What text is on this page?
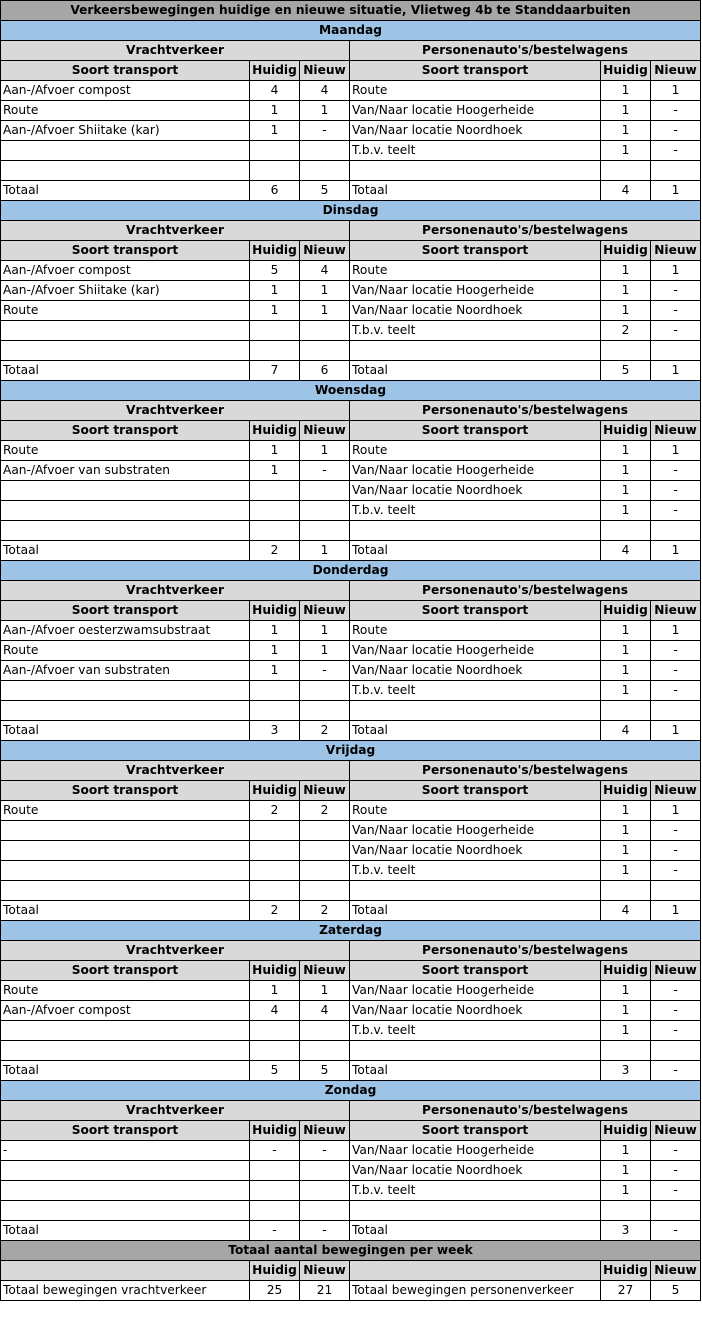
Verkeersbewegingen huidige en nieuwe situatie, Vlietweg 4b te Standdaarbuiten					
Maandag					
Vrachtverkeer			Personenauto's/bestelwagens		
Soort transport	Huidig	Nieuw	Soort transport	Huidig	Nieuw
Aan-/Afvoer compost	4	4	Route	1	1
Route	1	1	Van/Naar locatie Hoogerheide	1	-
Aan-/Afvoer Shiitake (kar)	1	-	Van/Naar locatie Noordhoek	1	-
			T.b.v. teelt	1	-

Totaal	6	5	Totaal	4	1
Dinsdag					
Vrachtverkeer			Personenauto's/bestelwagens		
Soort transport	Huidig	Nieuw	Soort transport	Huidig	Nieuw
Aan-/Afvoer compost	5	4	Route	1	1
Aan-/Afvoer Shiitake (kar)	1	1	Van/Naar locatie Hoogerheide	1	-
Route	1	1	Van/Naar locatie Noordhoek	1	-
			T.b.v. teelt	2	-

Totaal	7	6	Totaal	5	1
Woensdag					
Vrachtverkeer			Personenauto's/bestelwagens		
Soort transport	Huidig	Nieuw	Soort transport	Huidig	Nieuw
Route	1	1	Route	1	1
Aan-/Afvoer van substraten	1	-	Van/Naar locatie Hoogerheide	1	-
			Van/Naar locatie Noordhoek	1	-
			T.b.v. teelt	1	-

Totaal	2	1	Totaal	4	1
Donderdag					
Vrachtverkeer			Personenauto's/bestelwagens		
Soort transport	Huidig	Nieuw	Soort transport	Huidig	Nieuw
Aan-/Afvoer oesterzwamsubstraat	1	1	Route	1	1
Route	1	1	Van/Naar locatie Hoogerheide	1	-
Aan-/Afvoer van substraten	1	-	Van/Naar locatie Noordhoek	1	-
			T.b.v. teelt	1	-

Totaal	3	2	Totaal	4	1
Vrijdag					
Vrachtverkeer			Personenauto's/bestelwagens		
Soort transport	Huidig	Nieuw	Soort transport	Huidig	Nieuw
Route	2	2	Route	1	1
			Van/Naar locatie Hoogerheide	1	-
			Van/Naar locatie Noordhoek	1	-
			T.b.v. teelt	1	-

Totaal	2	2	Totaal	4	1
Zaterdag					
Vrachtverkeer			Personenauto's/bestelwagens		
Soort transport	Huidig	Nieuw	Soort transport	Huidig	Nieuw
Route	1	1	Van/Naar locatie Hoogerheide	1	-
Aan-/Afvoer compost	4	4	Van/Naar locatie Noordhoek	1	-
			T.b.v. teelt	1	-

Totaal	5	5	Totaal	3	-
Zondag					
Vrachtverkeer			Personenauto's/bestelwagens		
Soort transport	Huidig	Nieuw	Soort transport	Huidig	Nieuw
-	-	-	Van/Naar locatie Hoogerheide	1	-
			Van/Naar locatie Noordhoek	1	-
			T.b.v. teelt	1	-

Totaal	-	-	Totaal	3	-
Totaal aantal bewegingen per week					
	Huidig	Nieuw		Huidig	Nieuw
Totaal bewegingen vrachtverkeer	25	21	Totaal bewegingen personenverkeer	27	5
